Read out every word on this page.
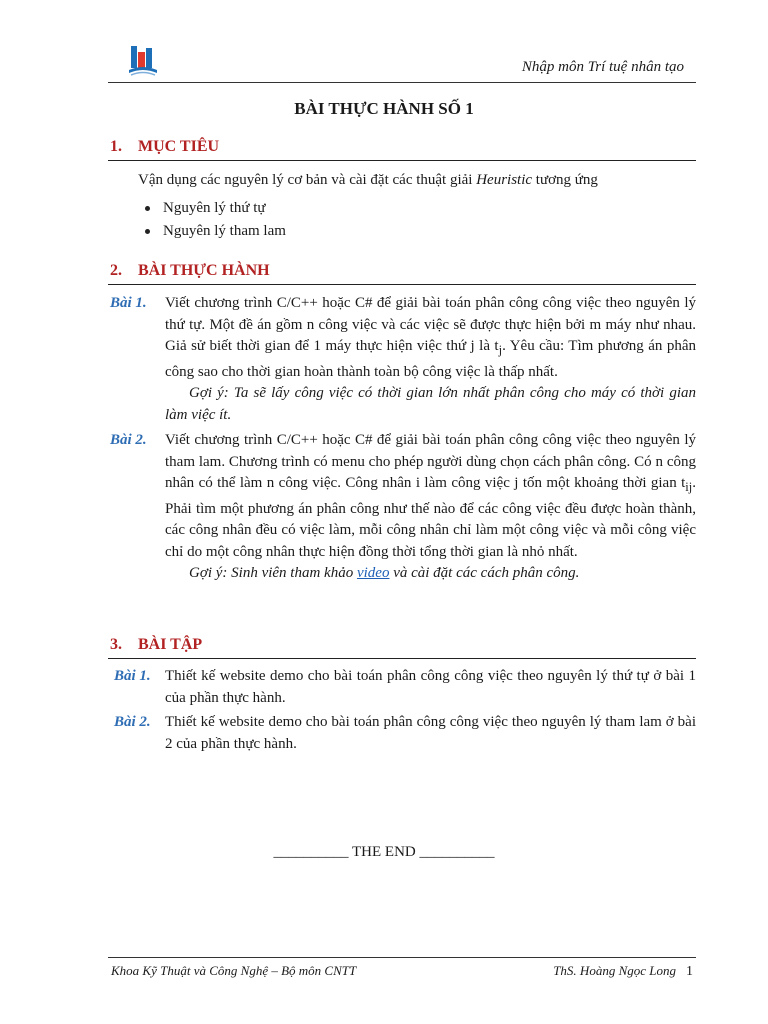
Nhập môn Trí tuệ nhân tạo
BÀI THỰC HÀNH SỐ 1
1. MỤC TIÊU
Vận dụng các nguyên lý cơ bản và cài đặt các thuật giải Heuristic tương ứng
Nguyên lý thứ tự
Nguyên lý tham lam
2. BÀI THỰC HÀNH
Bài 1. Viết chương trình C/C++ hoặc C# để giải bài toán phân công công việc theo nguyên lý thứ tự. Một đề án gồm n công việc và các việc sẽ được thực hiện bởi m máy như nhau. Giả sử biết thời gian để 1 máy thực hiện việc thứ j là $t_j$. Yêu cầu: Tìm phương án phân công sao cho thời gian hoàn thành toàn bộ công việc là thấp nhất.
Gợi ý: Ta sẽ lấy công việc có thời gian lớn nhất phân công cho máy có thời gian làm việc ít.
Bài 2. Viết chương trình C/C++ hoặc C# để giải bài toán phân công công việc theo nguyên lý tham lam. Chương trình có menu cho phép người dùng chọn cách phân công. Có n công nhân có thể làm n công việc. Công nhân i làm công việc j tốn một khoảng thời gian $t_{ij}$. Phải tìm một phương án phân công như thế nào để các công việc đều được hoàn thành, các công nhân đều có việc làm, mỗi công nhân chỉ làm một công việc và mỗi công việc chỉ do một công nhân thực hiện đồng thời tổng thời gian là nhỏ nhất.
Gợi ý: Sinh viên tham khảo video và cài đặt các cách phân công.
3. BÀI TẬP
Bài 1. Thiết kế website demo cho bài toán phân công công việc theo nguyên lý thứ tự ở bài 1 của phần thực hành.
Bài 2. Thiết kế website demo cho bài toán phân công công việc theo nguyên lý tham lam ở bài 2 của phần thực hành.
__________ THE END __________
Khoa Kỹ Thuật và Công Nghệ – Bộ môn CNTT	ThS. Hoàng Ngọc Long 1
